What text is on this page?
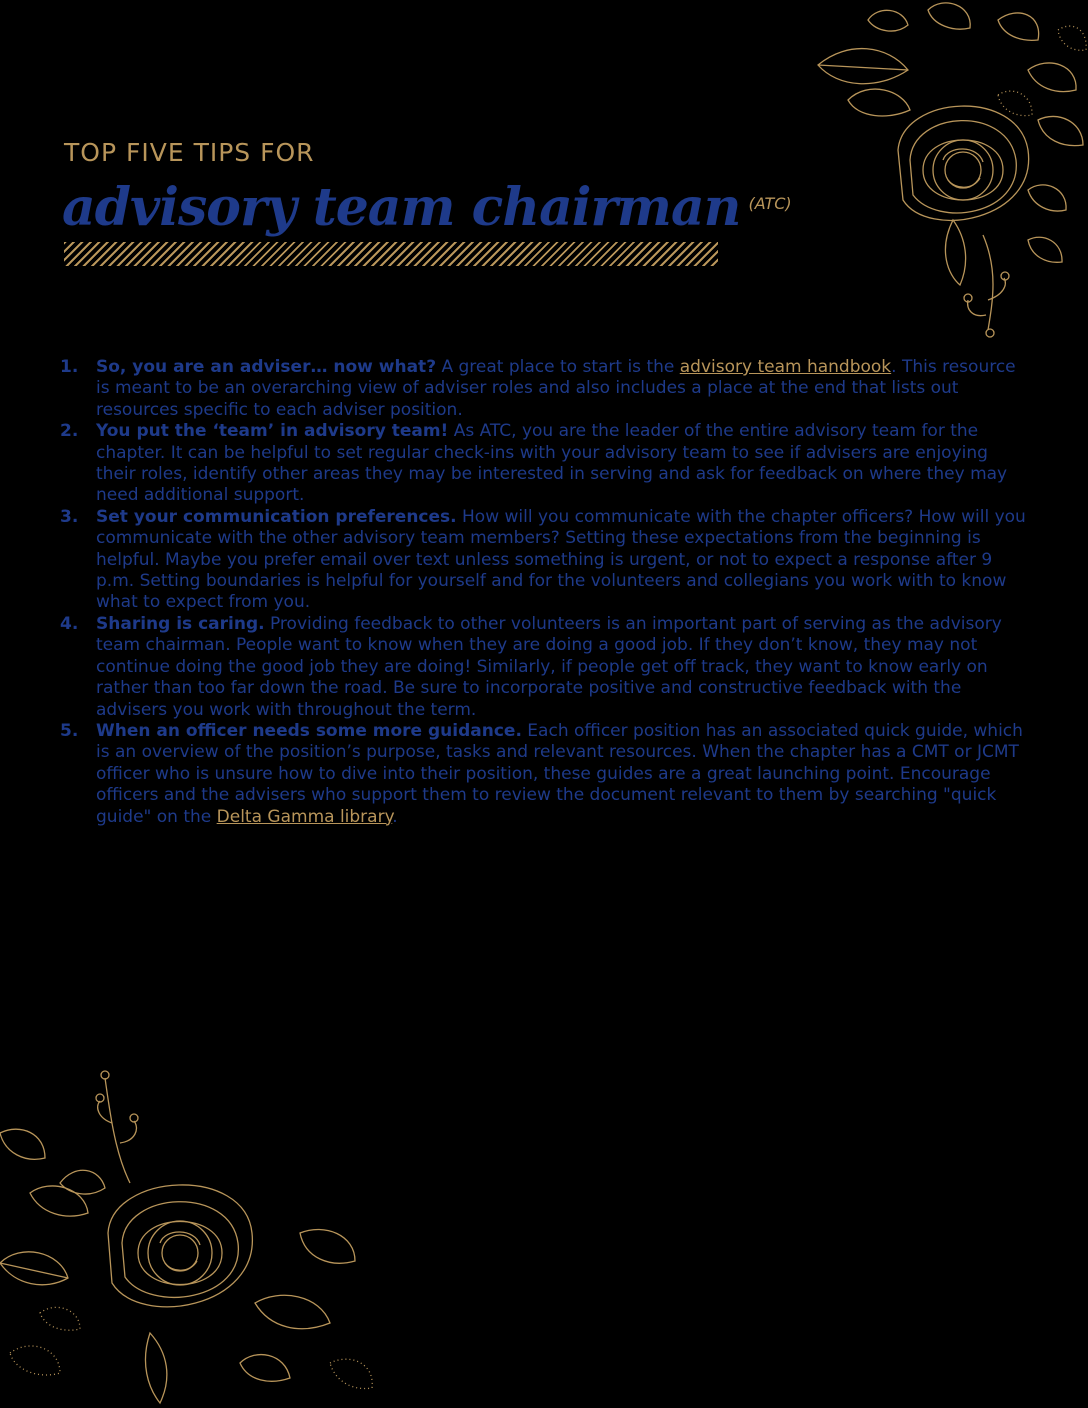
TOP FIVE TIPS FOR

advisory team chairman (ATC)
1.	So, you are an adviser… now what? A great place to start is the advisory team handbook. This resource is meant to be an overarching view of adviser roles and also includes a place at the end that lists out resources specific to each adviser position.
2.	You put the ‘team’ in advisory team! As ATC, you are the leader of the entire advisory team for the chapter. It can be helpful to set regular check-ins with your advisory team to see if advisers are enjoying their roles, identify other areas they may be interested in serving and ask for feedback on where they may need additional support.
3.	Set your communication preferences. How will you communicate with the chapter officers? How will you communicate with the other advisory team members? Setting these expectations from the beginning is helpful. Maybe you prefer email over text unless something is urgent, or not to expect a response after 9 p.m. Setting boundaries is helpful for yourself and for the volunteers and collegians you work with to know what to expect from you.
4.	Sharing is caring. Providing feedback to other volunteers is an important part of serving as the advisory team chairman. People want to know when they are doing a good job. If they don’t know, they may not continue doing the good job they are doing! Similarly, if people get off track, they want to know early on rather than too far down the road. Be sure to incorporate positive and constructive feedback with the advisers you work with throughout the term.
5.	When an officer needs some more guidance. Each officer position has an associated quick guide, which is an overview of the position’s purpose, tasks and relevant resources. When the chapter has a CMT or JCMT officer who is unsure how to dive into their position, these guides are a great launching point. Encourage officers and the advisers who support them to review the document relevant to them by searching "quick guide" on the Delta Gamma library.
